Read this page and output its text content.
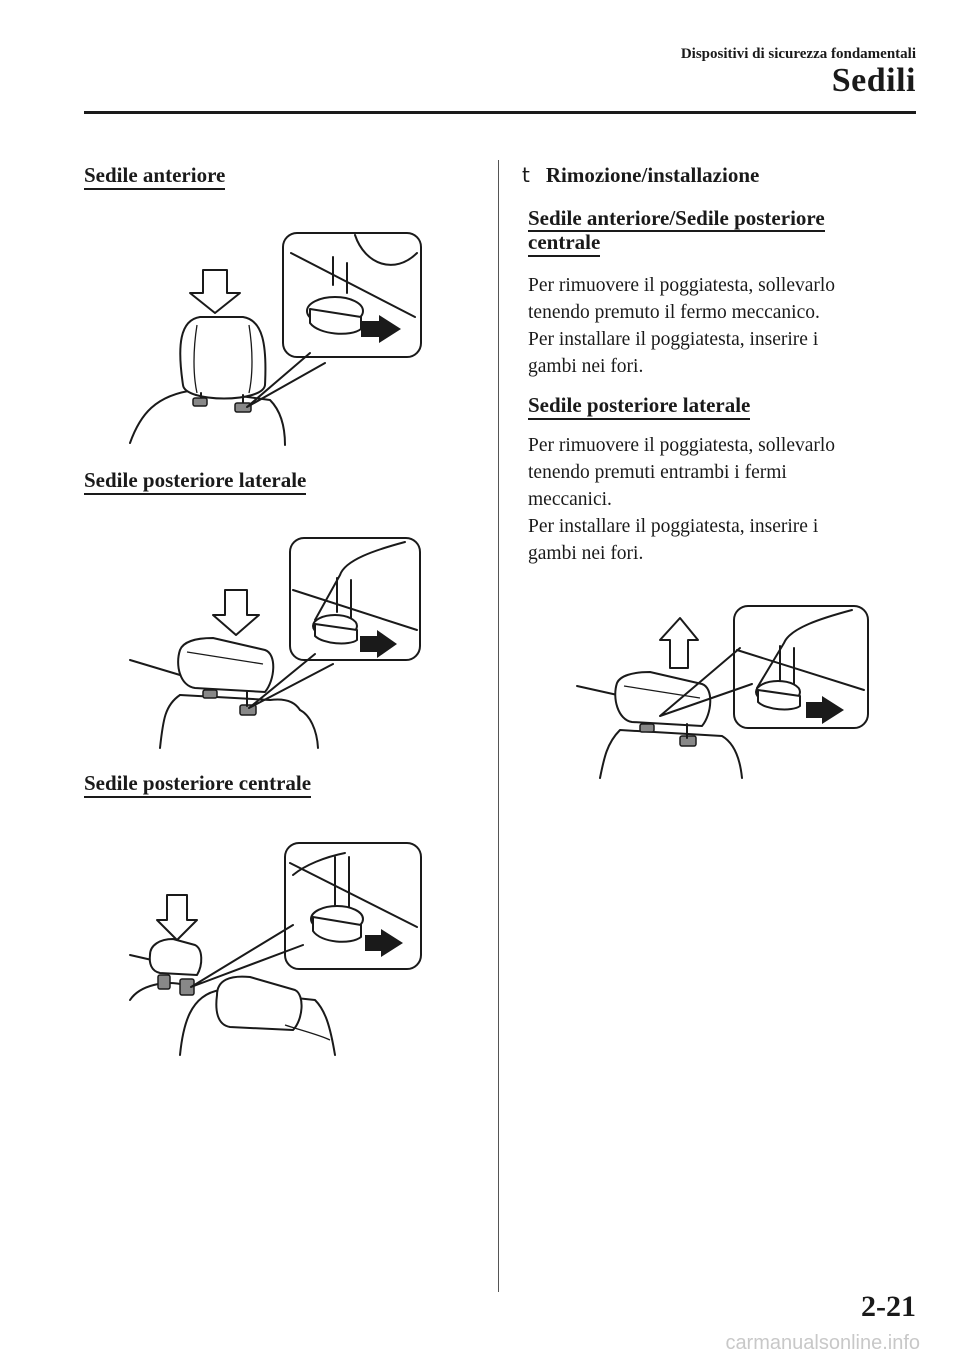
Dispositivi di sicurezza fondamentali
Sedili
Sedile anteriore
Sedile posteriore laterale
Sedile posteriore centrale
t Rimozione/installazione
Sedile anteriore/Sedile posteriore
centrale
Per rimuovere il poggiatesta, sollevarlo
tenendo premuto il fermo meccanico.
Per installare il poggiatesta, inserire i
gambi nei fori.
Sedile posteriore laterale
Per rimuovere il poggiatesta, sollevarlo
tenendo premuti entrambi i fermi
meccanici.
Per installare il poggiatesta, inserire i
gambi nei fori.
2-21
carmanualsonline.info
